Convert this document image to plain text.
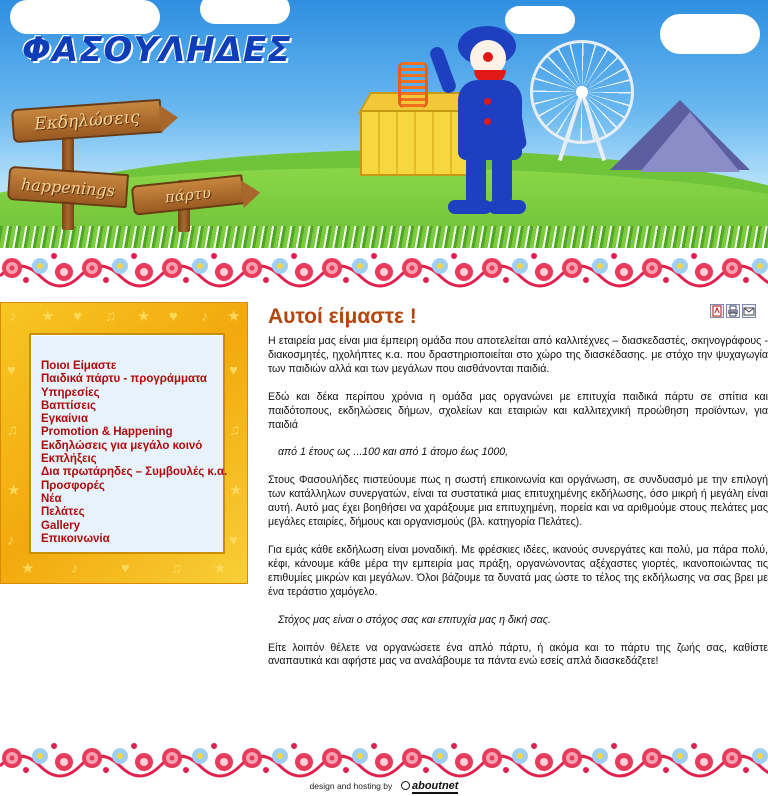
ΦΑΣΟΥΛΗΔΕΣ
Εκδηλώσεις
happenings	πάρτυ
♪ ★ ♥ ♫ ★ ♥ ♪ ★
♥
♫
★
♪
♥
♫
★
♥
★ ♪	♥	♫ ★
Ποιοι Είμαστε
Παιδικά πάρτυ - προγράμματα
Υπηρεσίες
Βαπτίσεις
Εγκαίνια
Promotion & Happening
Εκδηλώσεις για μεγάλο κοινό
Εκπλήξεις
Δια πρωτάρηδες – Συμβουλές κ.α.
Προσφορές
Νέα
Πελάτες
Gallery
Επικοινωνία
Αυτοί είμαστε !

Η εταιρεία μας είναι μια έμπειρη ομάδα που αποτελείται από καλλιτέχνες – διασκεδαστές, σκηνογράφους - διακοσμητές, ηχολήπτες κ.α. που δραστηριοποιείται στο χώρο της διασκέδασης. με στόχο την ψυχαγωγία των παιδιών αλλά και των μεγάλων που αισθάνονται παιδιά.

Εδώ και δέκα περίπου χρόνια η ομάδα μας οργανώνει με επιτυχία παιδικά πάρτυ σε σπίτια και παιδότοπους, εκδηλώσεις δήμων, σχολείων και εταιριών και καλλιτεχνική προώθηση προϊόντων, για παιδιά

από 1 έτους ως ...100 και από 1 άτομο έως 1000,

Στους Φασουλήδες πιστεύουμε πως η σωστή επικοινωνία και οργάνωση, σε συνδυασμό με την επιλογή των κατάλληλων συνεργατών, είναι τα συστατικά μιας επιτυχημένης εκδήλωσης, όσο μικρή ή μεγάλη είναι αυτή. Αυτό μας έχει βοηθήσει να χαράξουμε μια επιτυχημένη, πορεία και να αριθμούμε στους πελάτες μας μεγάλες εταιρίες, δήμους και οργανισμούς (βλ. κατηγορία Πελάτες).

Για εμάς κάθε εκδήλωση είναι μοναδική. Με φρέσκιες ιδέες, ικανούς συνεργάτες και πολύ, μα πάρα πολύ, κέφι, κάνουμε κάθε μέρα την εμπειρία μας πράξη, οργανώνοντας αξέχαστες γιορτές, ικανοποιώντας τις επιθυμίες μικρών και μεγάλων. Όλοι βάζουμε τα δυνατά μας ώστε το τέλος της εκδήλωσης να σας βρει με ένα τεράστιο χαμόγελο.

Στόχος μας είναι ο στόχος σας και επιτυχία μας η δική σας.

Είτε λοιπόν θέλετε να οργανώσετε ένα απλό πάρτυ, ή ακόμα και το πάρτυ της ζωής σας, καθίστε αναπαυτικά και αφήστε μας να αναλάβουμε τα πάντα ενώ εσείς απλά διασκεδάζετε!

design and hosting by aboutnet
